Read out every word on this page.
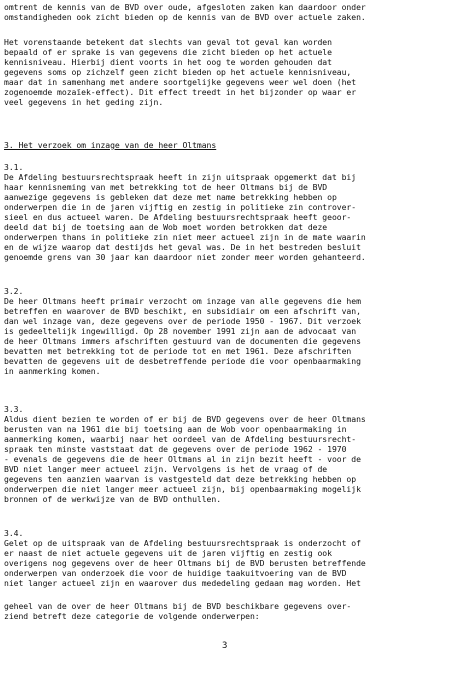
omtrent de kennis van de BVD over oude, afgesloten zaken kan daardoor onder

omstandigheden ook zicht bieden op de kennis van de BVD over actuele zaken.

Het vorenstaande betekent dat slechts van geval tot geval kan worden

bepaald of er sprake is van gegevens die zicht bieden op het actuele

kennisniveau. Hierbij dient voorts in het oog te worden gehouden dat

gegevens soms op zichzelf geen zicht bieden op het actuele kennisniveau,

maar dat in samenhang met andere soortgelijke gegevens weer wel doen (het

zogenoemde mozaïek-effect). Dit effect treedt in het bijzonder op waar er

veel gegevens in het geding zijn.

3. Het verzoek om inzage van de heer Oltmans

3.1.

De Afdeling bestuursrechtspraak heeft in zijn uitspraak opgemerkt dat bij

haar kennisneming van met betrekking tot de heer Oltmans bij de BVD

aanwezige gegevens is gebleken dat deze met name betrekking hebben op

onderwerpen die in de jaren vijftig en zestig in politieke zin controver-

sieel en dus actueel waren. De Afdeling bestuursrechtspraak heeft geoor-

deeld dat bij de toetsing aan de Wob moet worden betrokken dat deze

onderwerpen thans in politieke zin niet meer actueel zijn in de mate waarin

en de wijze waarop dat destijds het geval was. De in het bestreden besluit

genoemde grens van 30 jaar kan daardoor niet zonder meer worden gehanteerd.

3.2.

De heer Oltmans heeft primair verzocht om inzage van alle gegevens die hem

betreffen en waarover de BVD beschikt, en subsidiair om een afschrift van,

dan wel inzage van, deze gegevens over de periode 1950 - 1967. Dit verzoek

is gedeeltelijk ingewilligd. Op 28 november 1991 zijn aan de advocaat van

de heer Oltmans immers afschriften gestuurd van de documenten die gegevens

bevatten met betrekking tot de periode tot en met 1961. Deze afschriften

bevatten de gegevens uit de desbetreffende periode die voor openbaarmaking

in aanmerking komen.

3.3.

Aldus dient bezien te worden of er bij de BVD gegevens over de heer Oltmans

berusten van na 1961 die bij toetsing aan de Wob voor openbaarmaking in

aanmerking komen, waarbij naar het oordeel van de Afdeling bestuursrecht-

spraak ten minste vaststaat dat de gegevens over de periode 1962 - 1970

- evenals de gegevens die de heer Oltmans al in zijn bezit heeft - voor de

BVD niet langer meer actueel zijn. Vervolgens is het de vraag of de

gegevens ten aanzien waarvan is vastgesteld dat deze betrekking hebben op

onderwerpen die niet langer meer actueel zijn, bij openbaarmaking mogelijk

bronnen of de werkwijze van de BVD onthullen.

3.4.

Gelet op de uitspraak van de Afdeling bestuursrechtspraak is onderzocht of

er naast de niet actuele gegevens uit de jaren vijftig en zestig ook

overigens nog gegevens over de heer Oltmans bij de BVD berusten betreffende

onderwerpen van onderzoek die voor de huidige taakuitvoering van de BVD

niet langer actueel zijn en waarover dus mededeling gedaan mag worden. Het

geheel van de over de heer Oltmans bij de BVD beschikbare gegevens over-

ziend betreft deze categorie de volgende onderwerpen:

3
